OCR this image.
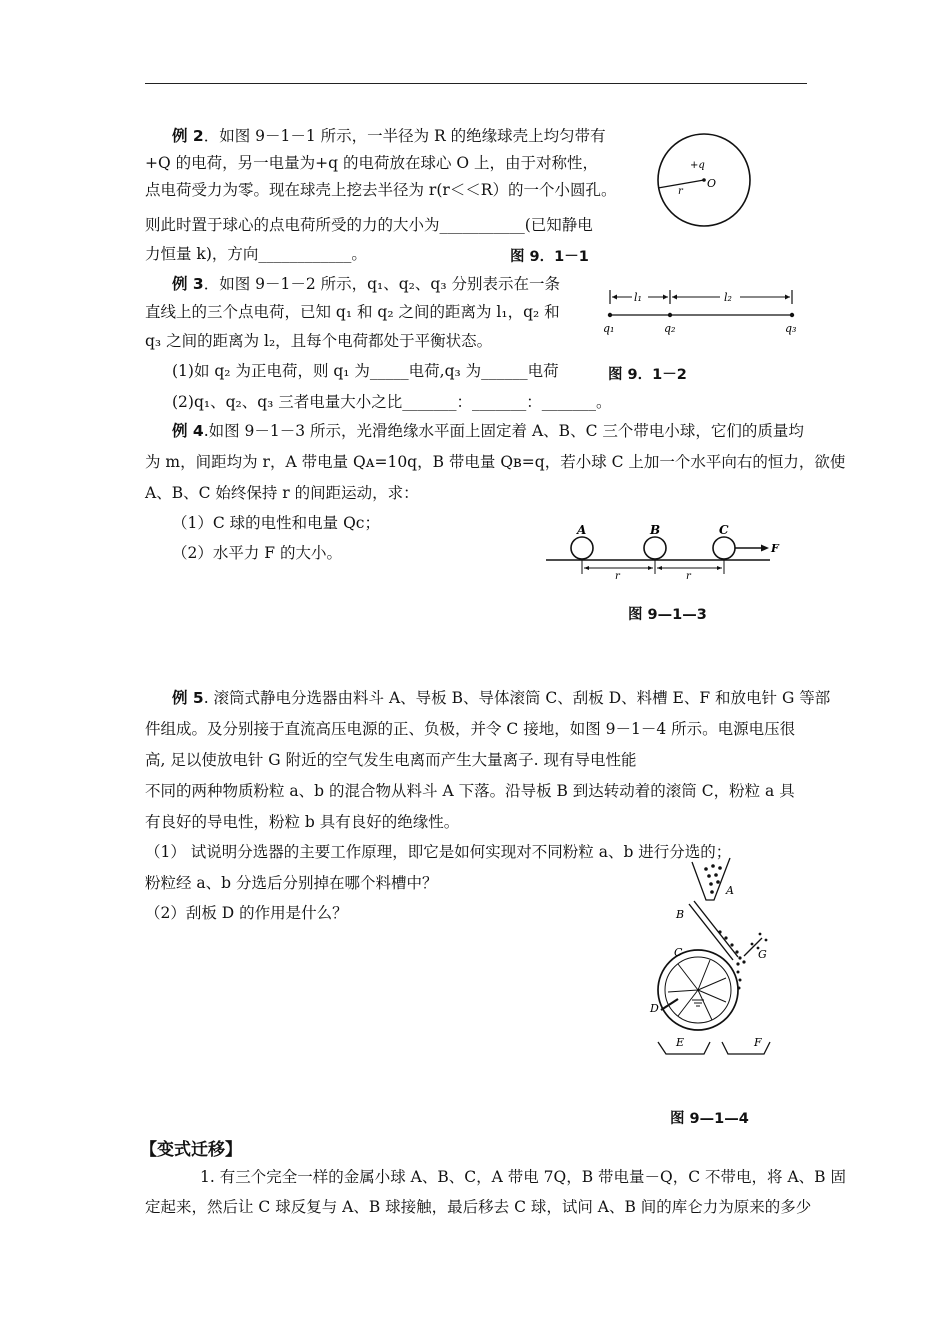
例 2．如图 9－1－1 所示，一半径为 R 的绝缘球壳上均匀带有
+Q 的电荷，另一电量为+q 的电荷放在球心 O 上，由于对称性，
点电荷受力为零。现在球壳上挖去半径为 r(r＜＜R）的一个小圆孔。
则此时置于球心的点电荷所受的力的大小为___________(已知静电
力恒量 k)，方向____________。	图 9．1－1
+q
O
r
例 3．如图 9－1－2 所示，q₁、q₂、q₃ 分别表示在一条
直线上的三个点电荷，已知 q₁ 和 q₂ 之间的距离为 l₁，q₂ 和
q₃ 之间的距离为 l₂，且每个电荷都处于平衡状态。
(1)如 q₂ 为正电荷，则 q₁ 为_____电荷,q₃ 为______电荷
(2)q₁、q₂、q₃ 三者电量大小之比_______：_______：_______。
图 9．1－2
l₁	l₂
q₁	q₂	q₃
例 4.如图 9－1－3 所示，光滑绝缘水平面上固定着 A、B、C 三个带电小球，它们的质量均
为 m，间距均为 r，A 带电量 Qᴀ=10q，B 带电量 Qʙ=q，若小球 C 上加一个水平向右的恒力，欲使
A、B、C 始终保持 r 的间距运动，求：
（1）C 球的电性和电量 Qc；
（2）水平力 F 的大小。
图 9—1—3
A	B	C
F
r	r
例 5. 滚筒式静电分选器由料斗 A、导板 B、导体滚筒 C、刮板 D、料槽 E、F 和放电针 G 等部
件组成。及分别接于直流高压电源的正、负极，并令 C 接地，如图 9－1－4 所示。电源电压很
高, 足以使放电针 G 附近的空气发生电离而产生大量离子. 现有导电性能
不同的两种物质粉粒 a、b 的混合物从料斗 A 下落。沿导板 B 到达转动着的滚筒 C，粉粒 a 具
有良好的导电性，粉粒 b 具有良好的绝缘性。
（1） 试说明分选器的主要工作原理，即它是如何实现对不同粉粒 a、b 进行分选的；
粉粒经 a、b 分选后分别掉在哪个料槽中？
（2）刮板 D 的作用是什么？
图 9—1—4
A
B
G
C
D
E	F
【变式迁移】
1. 有三个完全一样的金属小球 A、B、C，A 带电 7Q，B 带电量－Q，C 不带电，将 A、B 固
定起来，然后让 C 球反复与 A、B 球接触，最后移去 C 球，试问 A、B 间的库仑力为原来的多少
